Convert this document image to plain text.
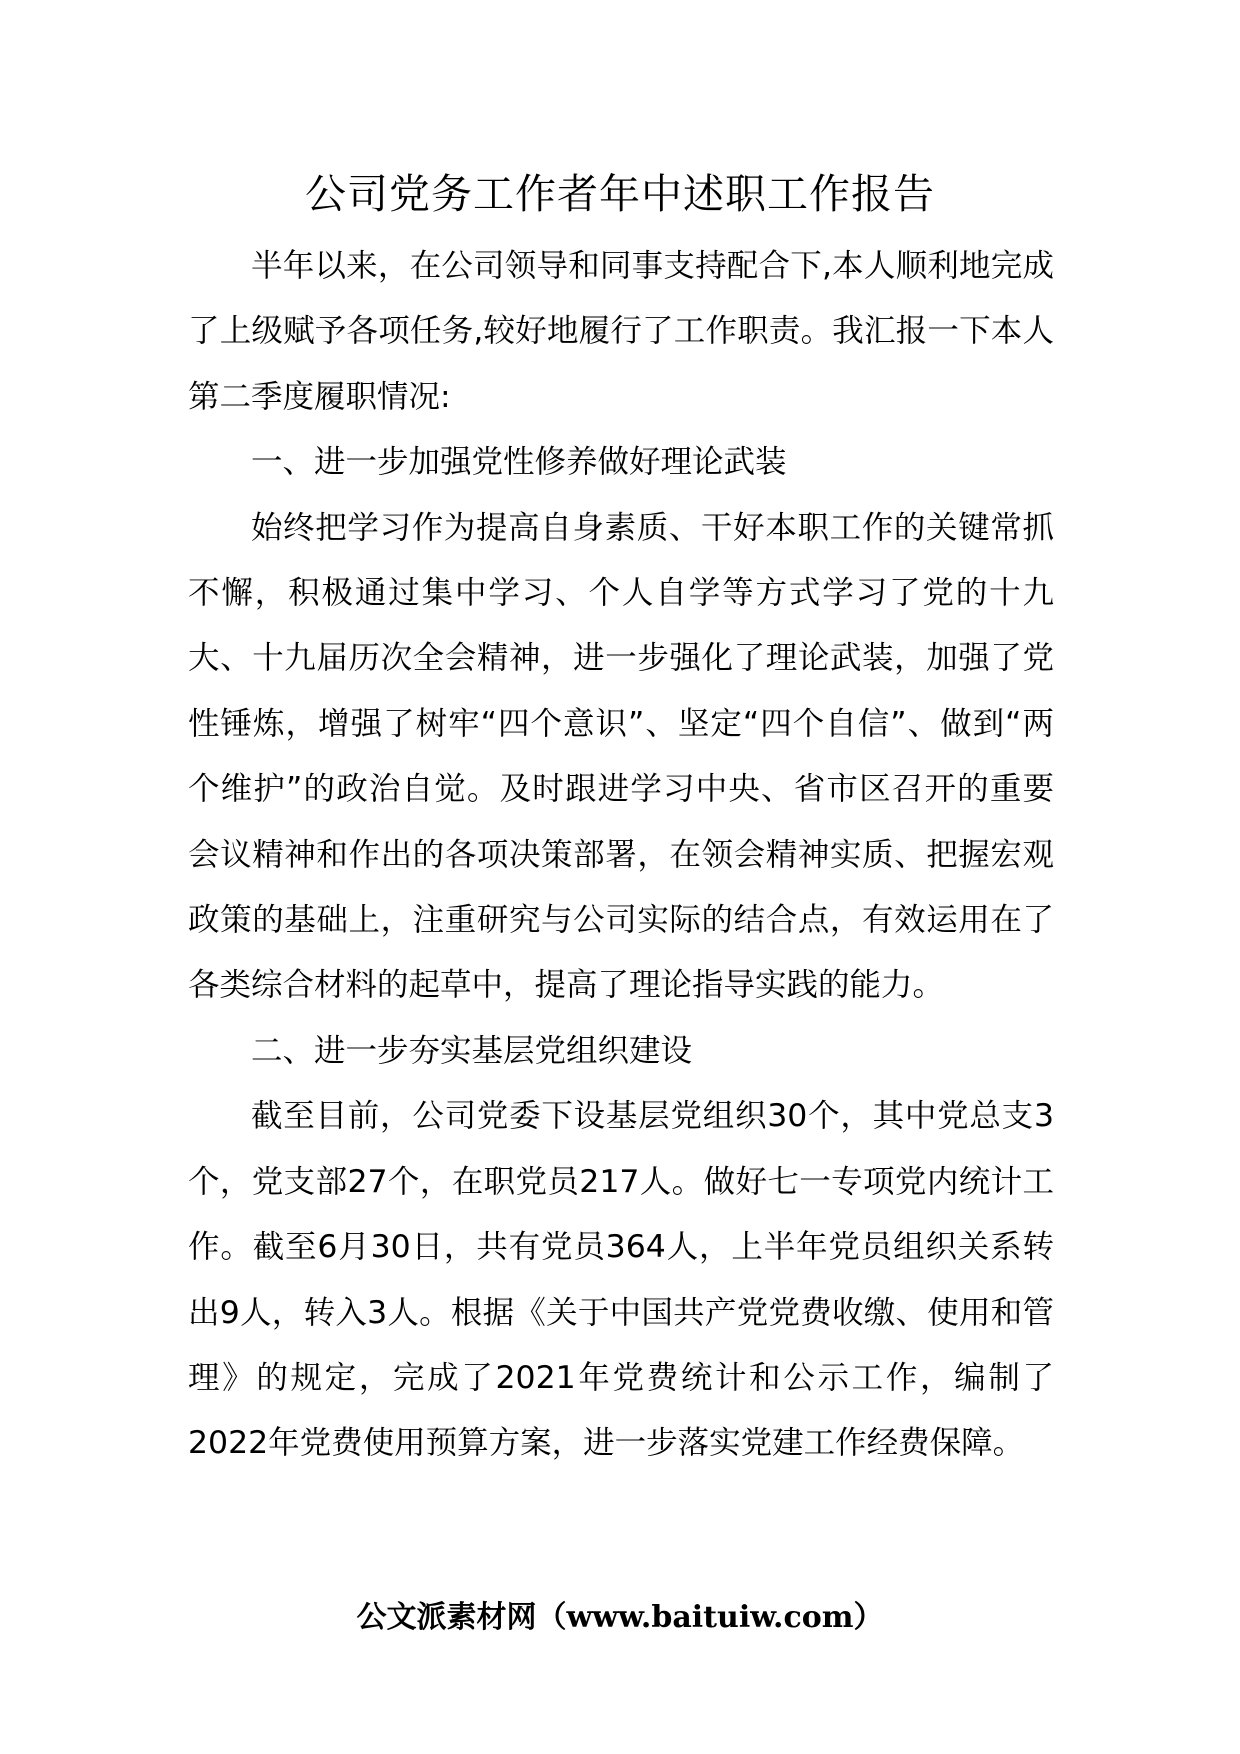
公司党务工作者年中述职工作报告

半年以来，在公司领导和同事支持配合下,本人顺利地完成了上级赋予各项任务,较好地履行了工作职责。我汇报一下本人第二季度履职情况:

一、进一步加强党性修养做好理论武装

始终把学习作为提高自身素质、干好本职工作的关键常抓不懈，积极通过集中学习、个人自学等方式学习了党的十九大、十九届历次全会精神，进一步强化了理论武装，加强了党性锤炼，增强了树牢“四个意识”、坚定“四个自信”、做到“两个维护”的政治自觉。及时跟进学习中央、省市区召开的重要会议精神和作出的各项决策部署，在领会精神实质、把握宏观政策的基础上，注重研究与公司实际的结合点，有效运用在了各类综合材料的起草中，提高了理论指导实践的能力。

二、进一步夯实基层党组织建设

截至目前，公司党委下设基层党组织30个，其中党总支3个，党支部27个，在职党员217人。做好七一专项党内统计工作。截至6月30日，共有党员364人，上半年党员组织关系转出9人，转入3人。根据《关于中国共产党党费收缴、使用和管理》的规定，完成了2021年党费统计和公示工作，编制了2022年党费使用预算方案，进一步落实党建工作经费保障。

公文派素材网（www.baituiw.com）
